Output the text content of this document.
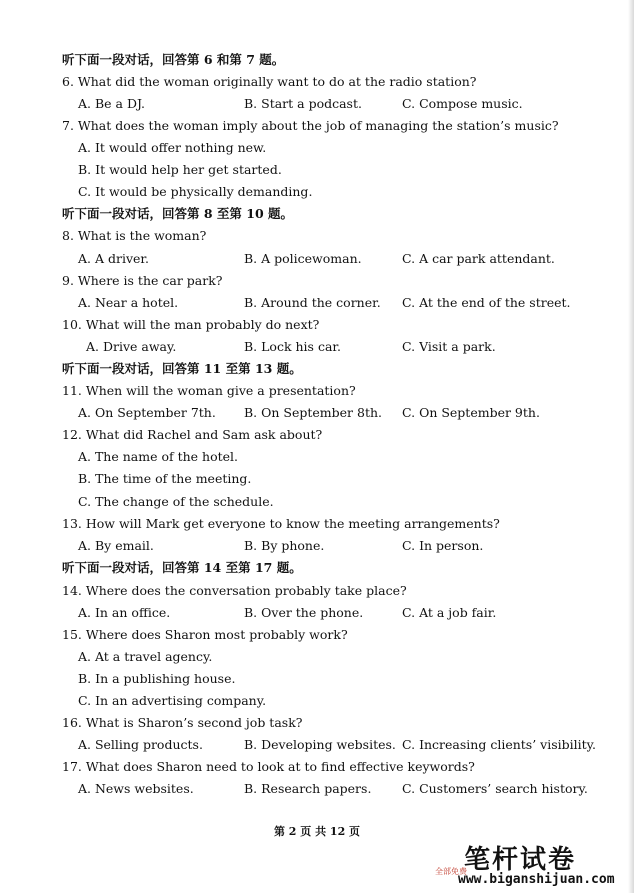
听下面一段对话，回答第 6 和第 7 题。
6. What did the woman originally want to do at the radio station?
A. Be a DJ.	B. Start a podcast.	C. Compose music.
7. What does the woman imply about the job of managing the station’s music?
A. It would offer nothing new.
B. It would help her get started.
C. It would be physically demanding.
听下面一段对话，回答第 8 至第 10 题。
8. What is the woman?
A. A driver.	B. A policewoman.	C. A car park attendant.
9. Where is the car park?
A. Near a hotel.	B. Around the corner. C. At the end of the street.
10. What will the man probably do next?
A. Drive away.	B. Lock his car.	C. Visit a park.
听下面一段对话，回答第 11 至第 13 题。
11. When will the woman give a presentation?
A. On September 7th. B. On September 8th. C. On September 9th.
12. What did Rachel and Sam ask about?
A. The name of the hotel.
B. The time of the meeting.
C. The change of the schedule.
13. How will Mark get everyone to know the meeting arrangements?
A. By email.	B. By phone.	C. In person.
听下面一段对话，回答第 14 至第 17 题。
14. Where does the conversation probably take place?
A. In an office.	B. Over the phone.	C. At a job fair.
15. Where does Sharon most probably work?
A. At a travel agency.
B. In a publishing house.
C. In an advertising company.
16. What is Sharon’s second job task?
A. Selling products.	B. Developing websites. C. Increasing clients’ visibility.
17. What does Sharon need to look at to find effective keywords?
A. News websites.	B. Research papers. C. Customers’ search history.
第 2 页 共 12 页
笔杆试卷
全部免费
www.biganshijuan.com
